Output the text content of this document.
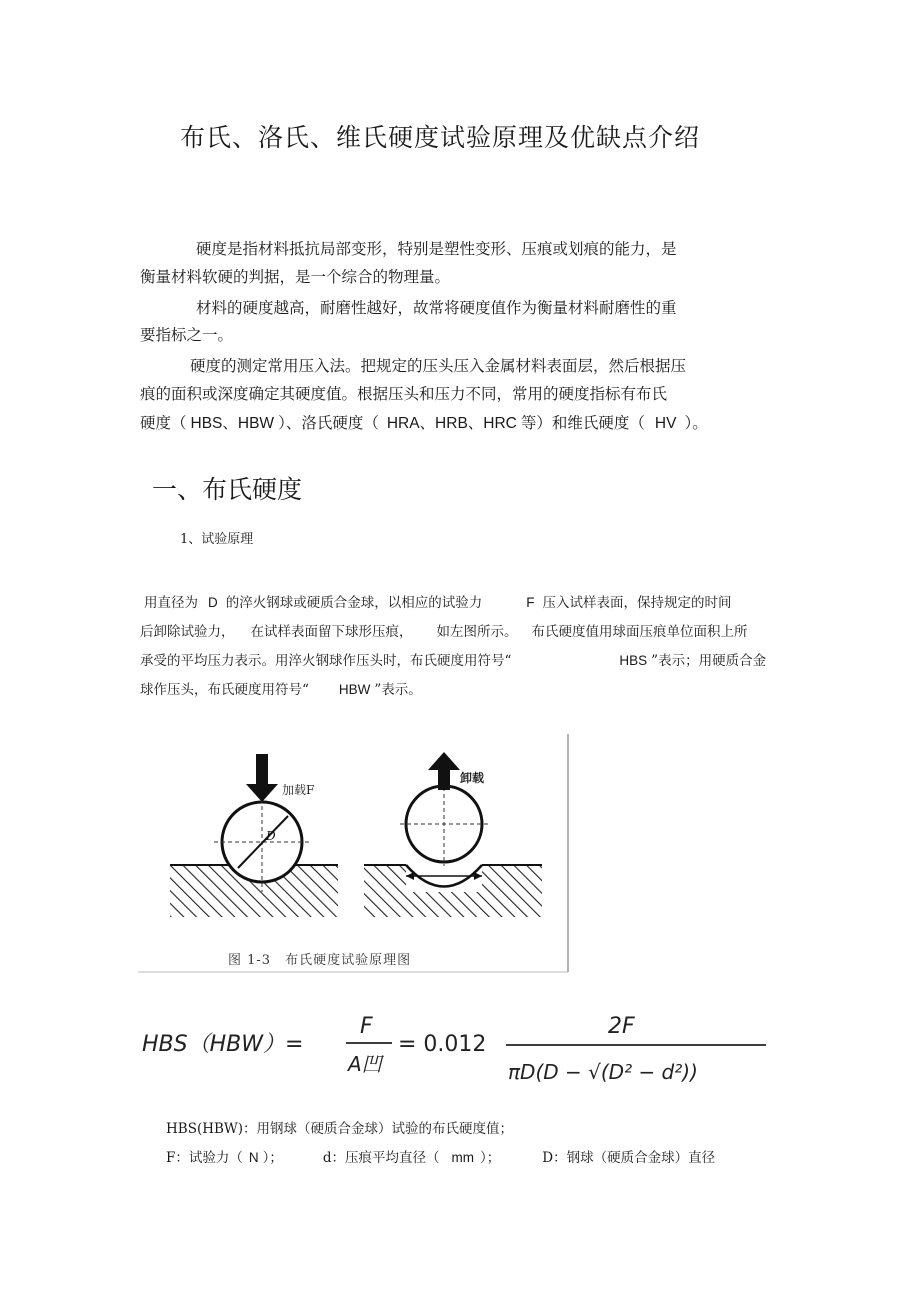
布氏、洛氏、维氏硬度试验原理及优缺点介绍
硬度是指材料抵抗局部变形，特别是塑性变形、压痕或划痕的能力，是
衡量材料软硬的判据，是一个综合的物理量。
材料的硬度越高，耐磨性越好，故常将硬度值作为衡量材料耐磨性的重
要指标之一。
硬度的测定常用压入法。把规定的压头压入金属材料表面层，然后根据压
痕的面积或深度确定其硬度值。根据压头和压力不同，常用的硬度指标有布氏
硬度（ HBS、HBW ）、洛氏硬度（ HRA、HRB、HRC 等）和维氏硬度（ HV ）。
一、布氏硬度
1、试验原理
用直径为 D 的淬火钢球或硬质合金球，以相应的试验力	F 压入试样表面，保持规定的时间
后卸除试验力， 在试样表面留下球形压痕， 如左图所示。 布氏硬度值用球面压痕单位面积上所
承受的平均压力表示。用淬火钢球作压头时，布氏硬度用符号“	HBS ”表示；用硬质合金
球作压头，布氏硬度用符号“ HBW ”表示。
D
加载F
卸载
图 1-3　布氏硬度试验原理图
HBS（HBW）=
F
A凹
= 0.012
2F
πD(D − √(D² − d²))
HBS(HBW)：用钢球（硬质合金球）试验的布氏硬度值；
F：试验力（ N ）；	d：压痕平均直径（ mm ）；	D：钢球（硬质合金球）直径
